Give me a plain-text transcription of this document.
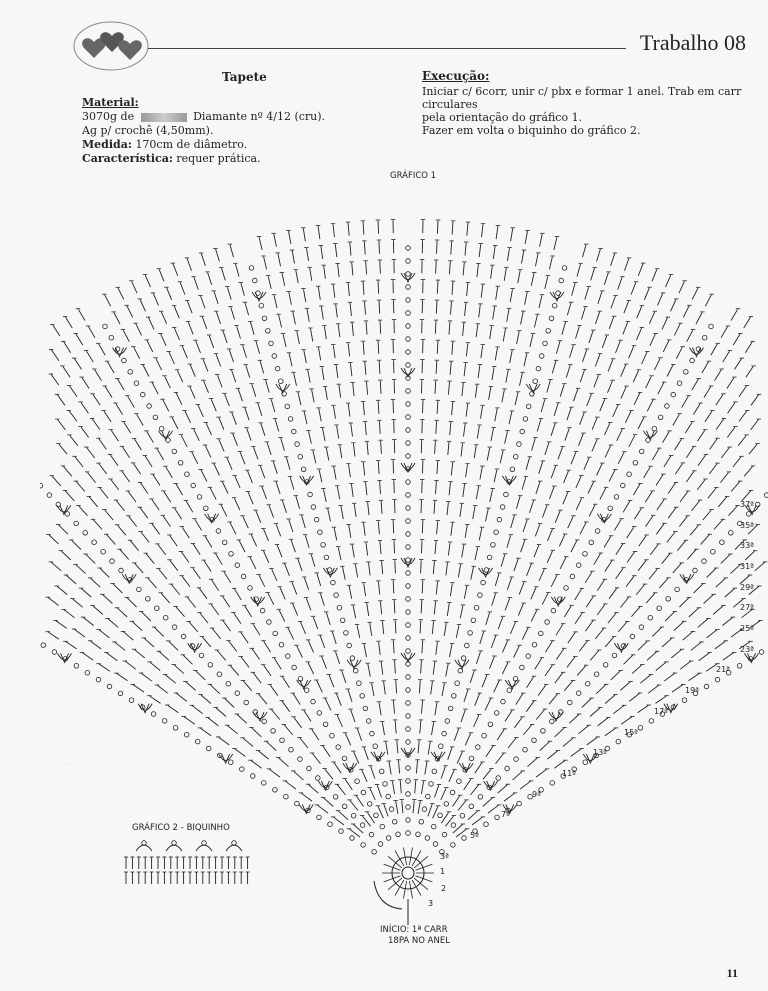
Trabalho 08
Tapete
Material:
3070g de	Diamante nº 4/12 (cru).
Ag p/ crochê (4,50mm).
Medida: 170cm de diâmetro.
Característica: requer prática.
Execução:
Iniciar c/ 6corr, unir c/ pbx e formar 1 anel. Trab em carr circulares
pela orientação do gráfico 1.
Fazer em volta o biquinho do gráfico 2.
GRÁFICO 1
GRÁFICO 2 - BIQUINHO
INÍCIO: 1ª CARR
18PA NO ANEL
37ª
35ª
33ª
31ª
29ª
27ª
25ª
23ª
21ª
19ª
17ª
15ª
13ª
11ª
9ª
7ª
5ª
3ª
1
2
3
· · ·
11
